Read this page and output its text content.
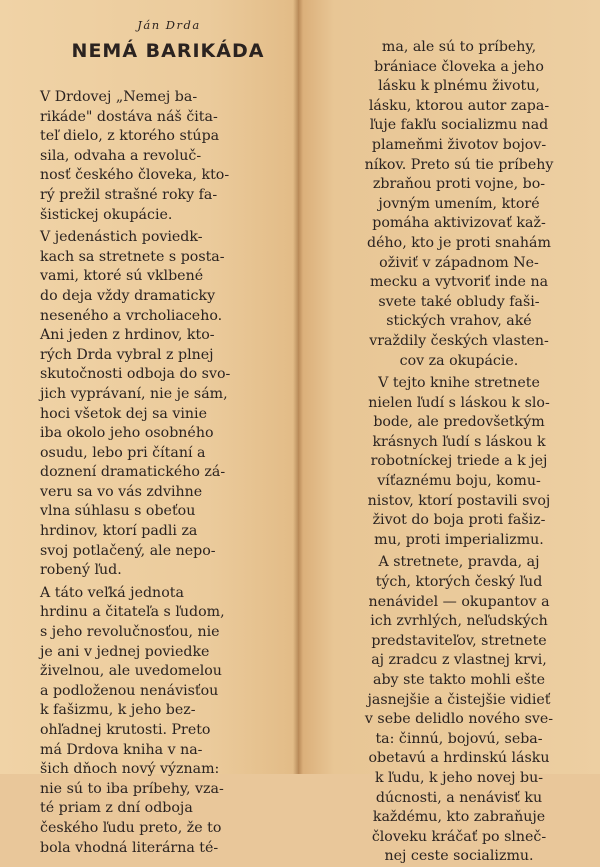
Ján Drda
NEMÁ BARIKÁDA

V Drdovej „Nemej ba-
rikáde" dostáva náš čita-
teľ dielo, z ktorého stúpa
sila, odvaha a revoluč-
nosť českého človeka, kto-
rý prežil strašné roky fa-
šistickej okupácie.

V jedenástich poviedk-
kach sa stretnete s posta-
vami, ktoré sú vklbené
do deja vždy dramaticky
neseného a vrcholiaceho.
Ani jeden z hrdinov, kto-
rých Drda vybral z plnej
skutočnosti odboja do svo-
jich vyprávaní, nie je sám,
hoci všetok dej sa vinie
iba okolo jeho osobného
osudu, lebo pri čítaní a
doznení dramatického zá-
veru sa vo vás zdvihne
vlna súhlasu s obeťou
hrdinov, ktorí padli za
svoj potlačený, ale nepo-
robený ľud.

A táto veľká jednota
hrdinu a čitateľa s ľudom,
s jeho revolučnosťou, nie
je ani v jednej poviedke
živelnou, ale uvedomelou
a podloženou nenávisťou
k fašizmu, k jeho bez-
ohľadnej krutosti. Preto
má Drdova kniha v na-
šich dňoch nový význam:
nie sú to iba príbehy, vza-
té priam z dní odboja
českého ľudu preto, že to
bola vhodná literárna té-

ma, ale sú to príbehy,
brániace človeka a jeho
lásku k plnému životu,
lásku, ktorou autor zapa-
ľuje fakľu socializmu nad
plameňmi životov bojov-
níkov. Preto sú tie príbehy
zbraňou proti vojne, bo-
jovným umením, ktoré
pomáha aktivizovať kaž-
dého, kto je proti snahám
oživiť v západnom Ne-
mecku a vytvoriť inde na
svete také obludy faši-
stických vrahov, aké
vraždily českých vlasten-
cov za okupácie.

V tejto knihe stretnete
nielen ľudí s láskou k slo-
bode, ale predovšetkým
krásnych ľudí s láskou k
robotníckej triede a k jej
víťaznému boju, komu-
nistov, ktorí postavili svoj
život do boja proti fašiz-
mu, proti imperializmu.

A stretnete, pravda, aj
tých, ktorých český ľud
nenávidel — okupantov a
ich zvrhlých, neľudských
predstaviteľov, stretnete
aj zradcu z vlastnej krvi,
aby ste takto mohli ešte
jasnejšie a čistejšie vidieť
v sebe delidlo nového sve-
ta: činnú, bojovú, seba-
obetavú a hrdinskú lásku
k ľudu, k jeho novej bu-
dúcnosti, a nenávisť ku
každému, kto zabraňuje
človeku kráčať po slneč-
nej ceste socializmu.
